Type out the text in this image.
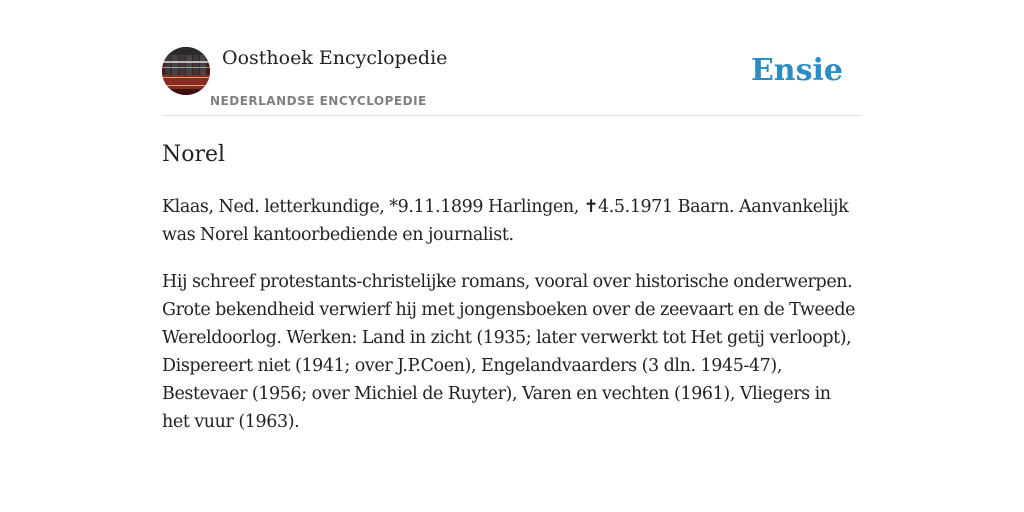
Oosthoek Encyclopedie
NEDERLANDSE ENCYCLOPEDIE
Ensie
Norel

Klaas, Ned. letterkundige, *9.11.1899 Harlingen, ✝4.5.1971 Baarn. Aanvankelijk was Norel kantoorbediende en journalist.

Hij schreef protestants-christelijke romans, vooral over historische onderwerpen. Grote bekendheid verwierf hij met jongensboeken over de zeevaart en de Tweede Wereldoorlog. Werken: Land in zicht (1935; later verwerkt tot Het getij verloopt), Dispereert niet (1941; over J.P.Coen), Engelandvaarders (3 dln. 1945-47), Bestevaer (1956; over Michiel de Ruyter), Varen en vechten (1961), Vliegers in het vuur (1963).
